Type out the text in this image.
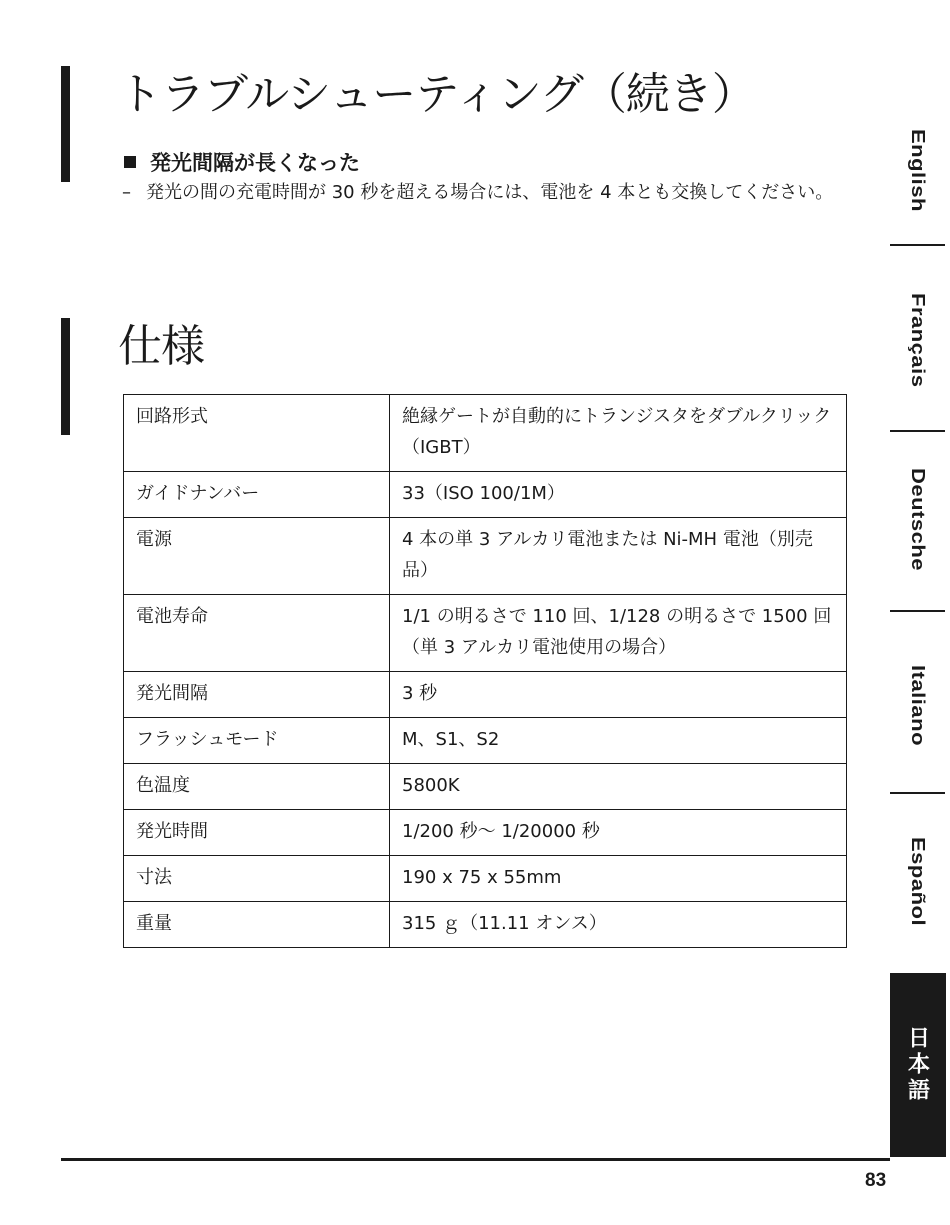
トラブルシューティング（続き）
発光間隔が長くなった
– 発光の間の充電時間が 30 秒を超える場合には、電池を 4 本とも交換してください。
仕様
回路形式	絶縁ゲートが自動的にトランジスタをダブルクリック（IGBT）
ガイドナンバー	33（ISO 100/1M）
電源	4 本の単 3 アルカリ電池または Ni-MH 電池（別売品）
電池寿命	1/1 の明るさで 110 回、1/128 の明るさで 1500 回（単 3 アルカリ電池使用の場合）
発光間隔	3 秒
フラッシュモード	M、S1、S2
色温度	5800K
発光時間	1/200 秒～ 1/20000 秒
寸法	190 x 75 x 55mm
重量	315 ｇ（11.11 オンス）
English
Français
Deutsche
Italiano
Español
日本語
83
